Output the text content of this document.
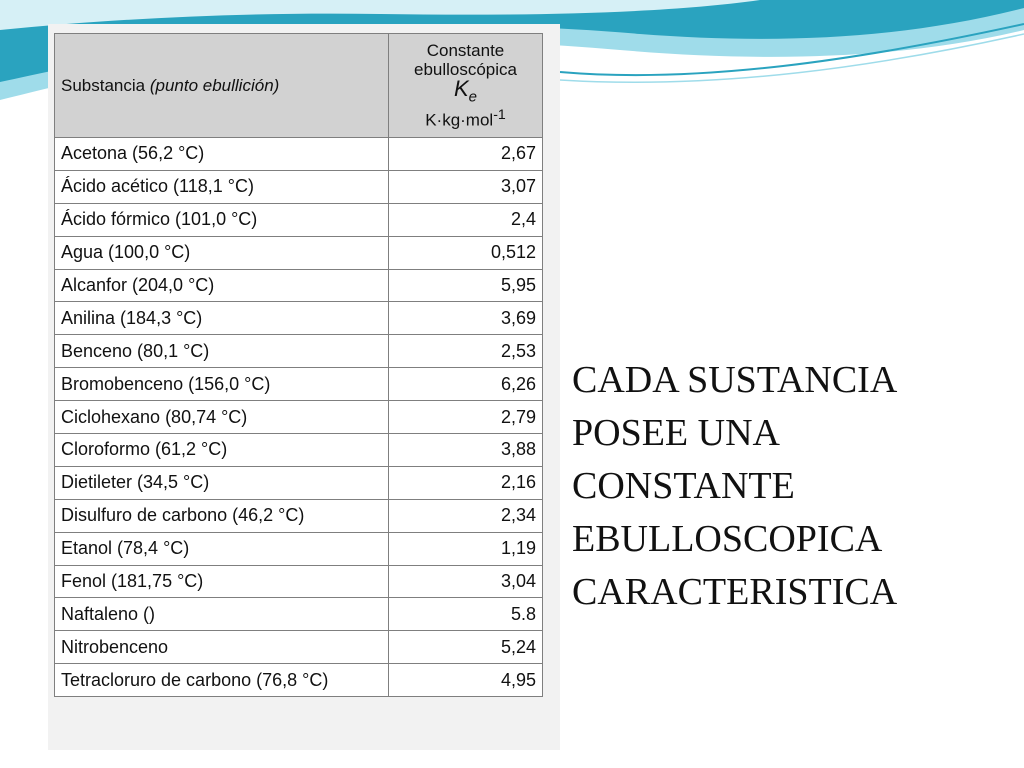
Substancia (punto ebullición)	Constante
ebulloscópica
$K_e$
K·kg·mol$^{-1}$

Acetona (56,2 °C)	2,67
Ácido acético (118,1 °C)	3,07
Ácido fórmico (101,0 °C)	2,4
Agua (100,0 °C)	0,512
Alcanfor (204,0 °C)	5,95
Anilina (184,3 °C)	3,69
Benceno (80,1 °C)	2,53
Bromobenceno (156,0 °C)	6,26
Ciclohexano (80,74 °C)	2,79
Cloroformo (61,2 °C)	3,88
Dietileter (34,5 °C)	2,16
Disulfuro de carbono (46,2 °C)	2,34
Etanol (78,4 °C)	1,19
Fenol (181,75 °C)	3,04
Naftaleno ()	5.8
Nitrobenceno	5,24
Tetracloruro de carbono (76,8 °C)	4,95
CADA SUSTANCIA
POSEE UNA
CONSTANTE
EBULLOSCOPICA
CARACTERISTICA
